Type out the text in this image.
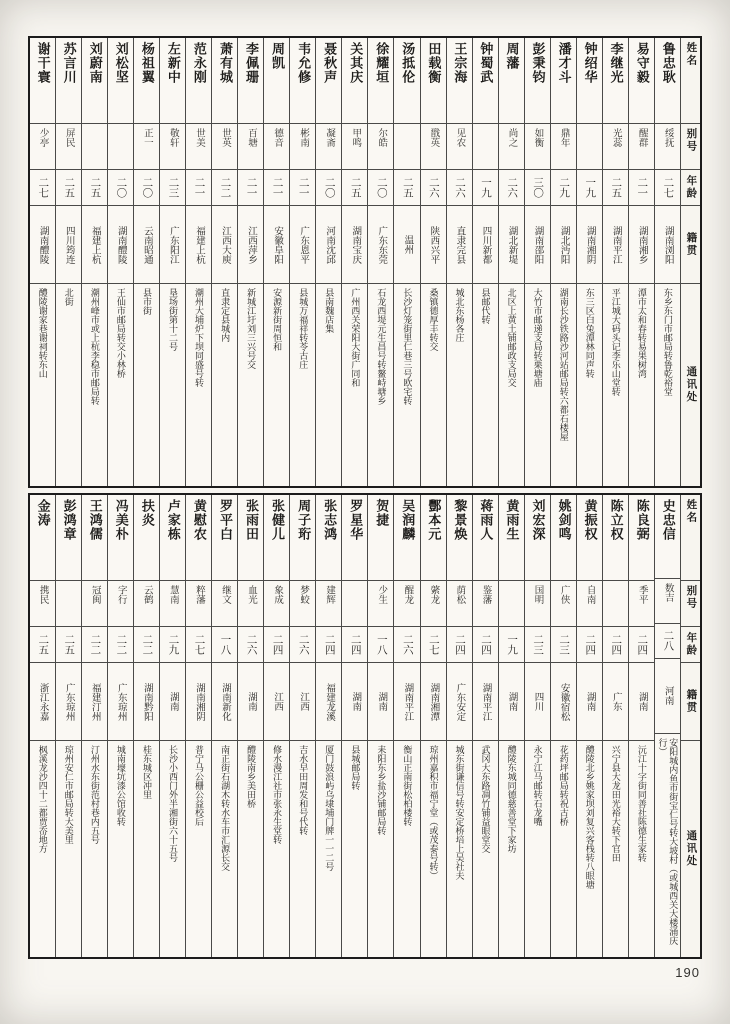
姓名
别号
年龄
籍贯
通讯处
鲁忠耿
绥抚
二七
湖南浏阳
东乡东门市邮局转鲁乾裕堂
易守毅
醒群
二一
湖南湘乡
潭市太和春转易果树湾
李继光
光蕊
二五
湖南平江
平江城大码头记李乐山堂转
钟绍华
一九
湖南湘阴
东三区白兔潭林同声转
潘才斗
鼎年
二九
湖北沔阳
湖南长沙铁路沙河站邮局转六都石楼屋
彭秉钧
如衡
三〇
湖南邵阳
大竹市邮递支局转栗塘庙
周藩
尚之
二六
湖北新堤
北区上黄土铺邮政支局交
钟蜀武
一九
四川新都
县邮代转
王宗海
见农
二六
直隶完县
城北东杨各庄
田载衡
戬英
二六
陕西兴平
桑镇德厚丰转交
汤抵伦
二五
温州
长沙灯笼街里仁巷三号欧宅转
徐耀垣
尔皓
二〇
广东东莞
石龙西堤元生昌号转鳌峙塘乡
关其庆
甲鸣
二五
湖南宝庆
广州西关荣阳大街广同和
聂秋声
凝斋
二〇
河南沈邱
县南魏店集
韦允修
彬南
二一
广东恩平
县城万福祥转苓古庄
周凯
德音
二一
安徽阜阳
安源新街周恒和
李佩珊
百塘
二一
江西萍乡
新城江圩刘三兴号交
萧有城
世英
二二
江西大庾
直隶定县城内
范永刚
世美
二一
福建上杭
潮州大埔炉下坝同盛号转
左新中
敬轩
二三
广东阳江
垦场街第十二号
杨祖翼
正一
二〇
云南昭通
县市街
刘松坚
二〇
湖南醴陵
王仙市邮局转交小林桥
刘蔚南
二五
福建上杭
潮州峰市或上杭李稳市邮局转
苏言川
屏民
二五
四川筠连
北街
谢干寰
少亭
二七
湖南醴陵
醴陵谢家巷谢祠转东山
姓名
别号
年龄
籍贯
通讯处
史忠信
数吉
二八
河南
安阳城内鱼市街宝仁号转大坡村（或城西关大楼涌庆行）
陈良弼
季平
二四
湖南
沅江十字街同善社陈德生家转
陈立权
二四
广东
兴宁县大龙田光裕大转下官田
黄振权
自南
二四
湖南
醴陵北乡姚家坝刘复兴客栈转八眼塘
姚剑鸣
广侠
二三
安徽宿松
花药坪邮局转祝古桥
刘宏深
国明
二三
四川
永宁江马邮转石龙嘴
黄雨生
一九
湖南
醴陵东城同德慈善堂下家坊
蒋雨人
鉴藩
二四
湖南平江
武冈大东路凋竹铺益眼堂交
黎景焕
荫松
二四
广东安定
城东街谦信号转安定桥培上吴社夫
酆本元
綮龙
二七
湖南湘潭
琼州嘉积市福宁堂（或茂泰号转）
吴润麟
醒龙
二六
湖南平江
衡山正南街松柏楼转
贺捷
少生
一八
湖南
耒阳东乡盐沙铺邮局转
罗星华
二四
湖南
县城邮局转
张志鸿
建辉
二四
福建龙溪
厦门鼓浪屿乌埭埔门牌一一二号
周子珩
梦蛟
二六
江西
吉水早田周发和号代转
张健儿
象成
二四
江西
修水漫江社市张永生堂转
张雨田
血光
二六
湖南
醴陵南乡美田桥
罗平白
继文
一八
湖南新化
南正街石湖木转水车市汇源长交
黄慰农
粹藩
二七
湖南湘阴
普宁马公栅公益校后
卢家栋
慧南
二九
湖南
长沙小西门外半湘街六十五号
扶炎
云鹤
二二
湖南黔阳
桂东城区冲里
冯美朴
字行
二二
广东琼州
城南壕坑漆公馆收转
王鸿儒
冠闽
二二
福建汀州
汀州水东街范村巷内五号
彭鸿章
二五
广东琼州
琼州安仁市邮局转大美里
金涛
携民
二五
浙江永嘉
枫溪龙沙四十二都贾岙地方
190
